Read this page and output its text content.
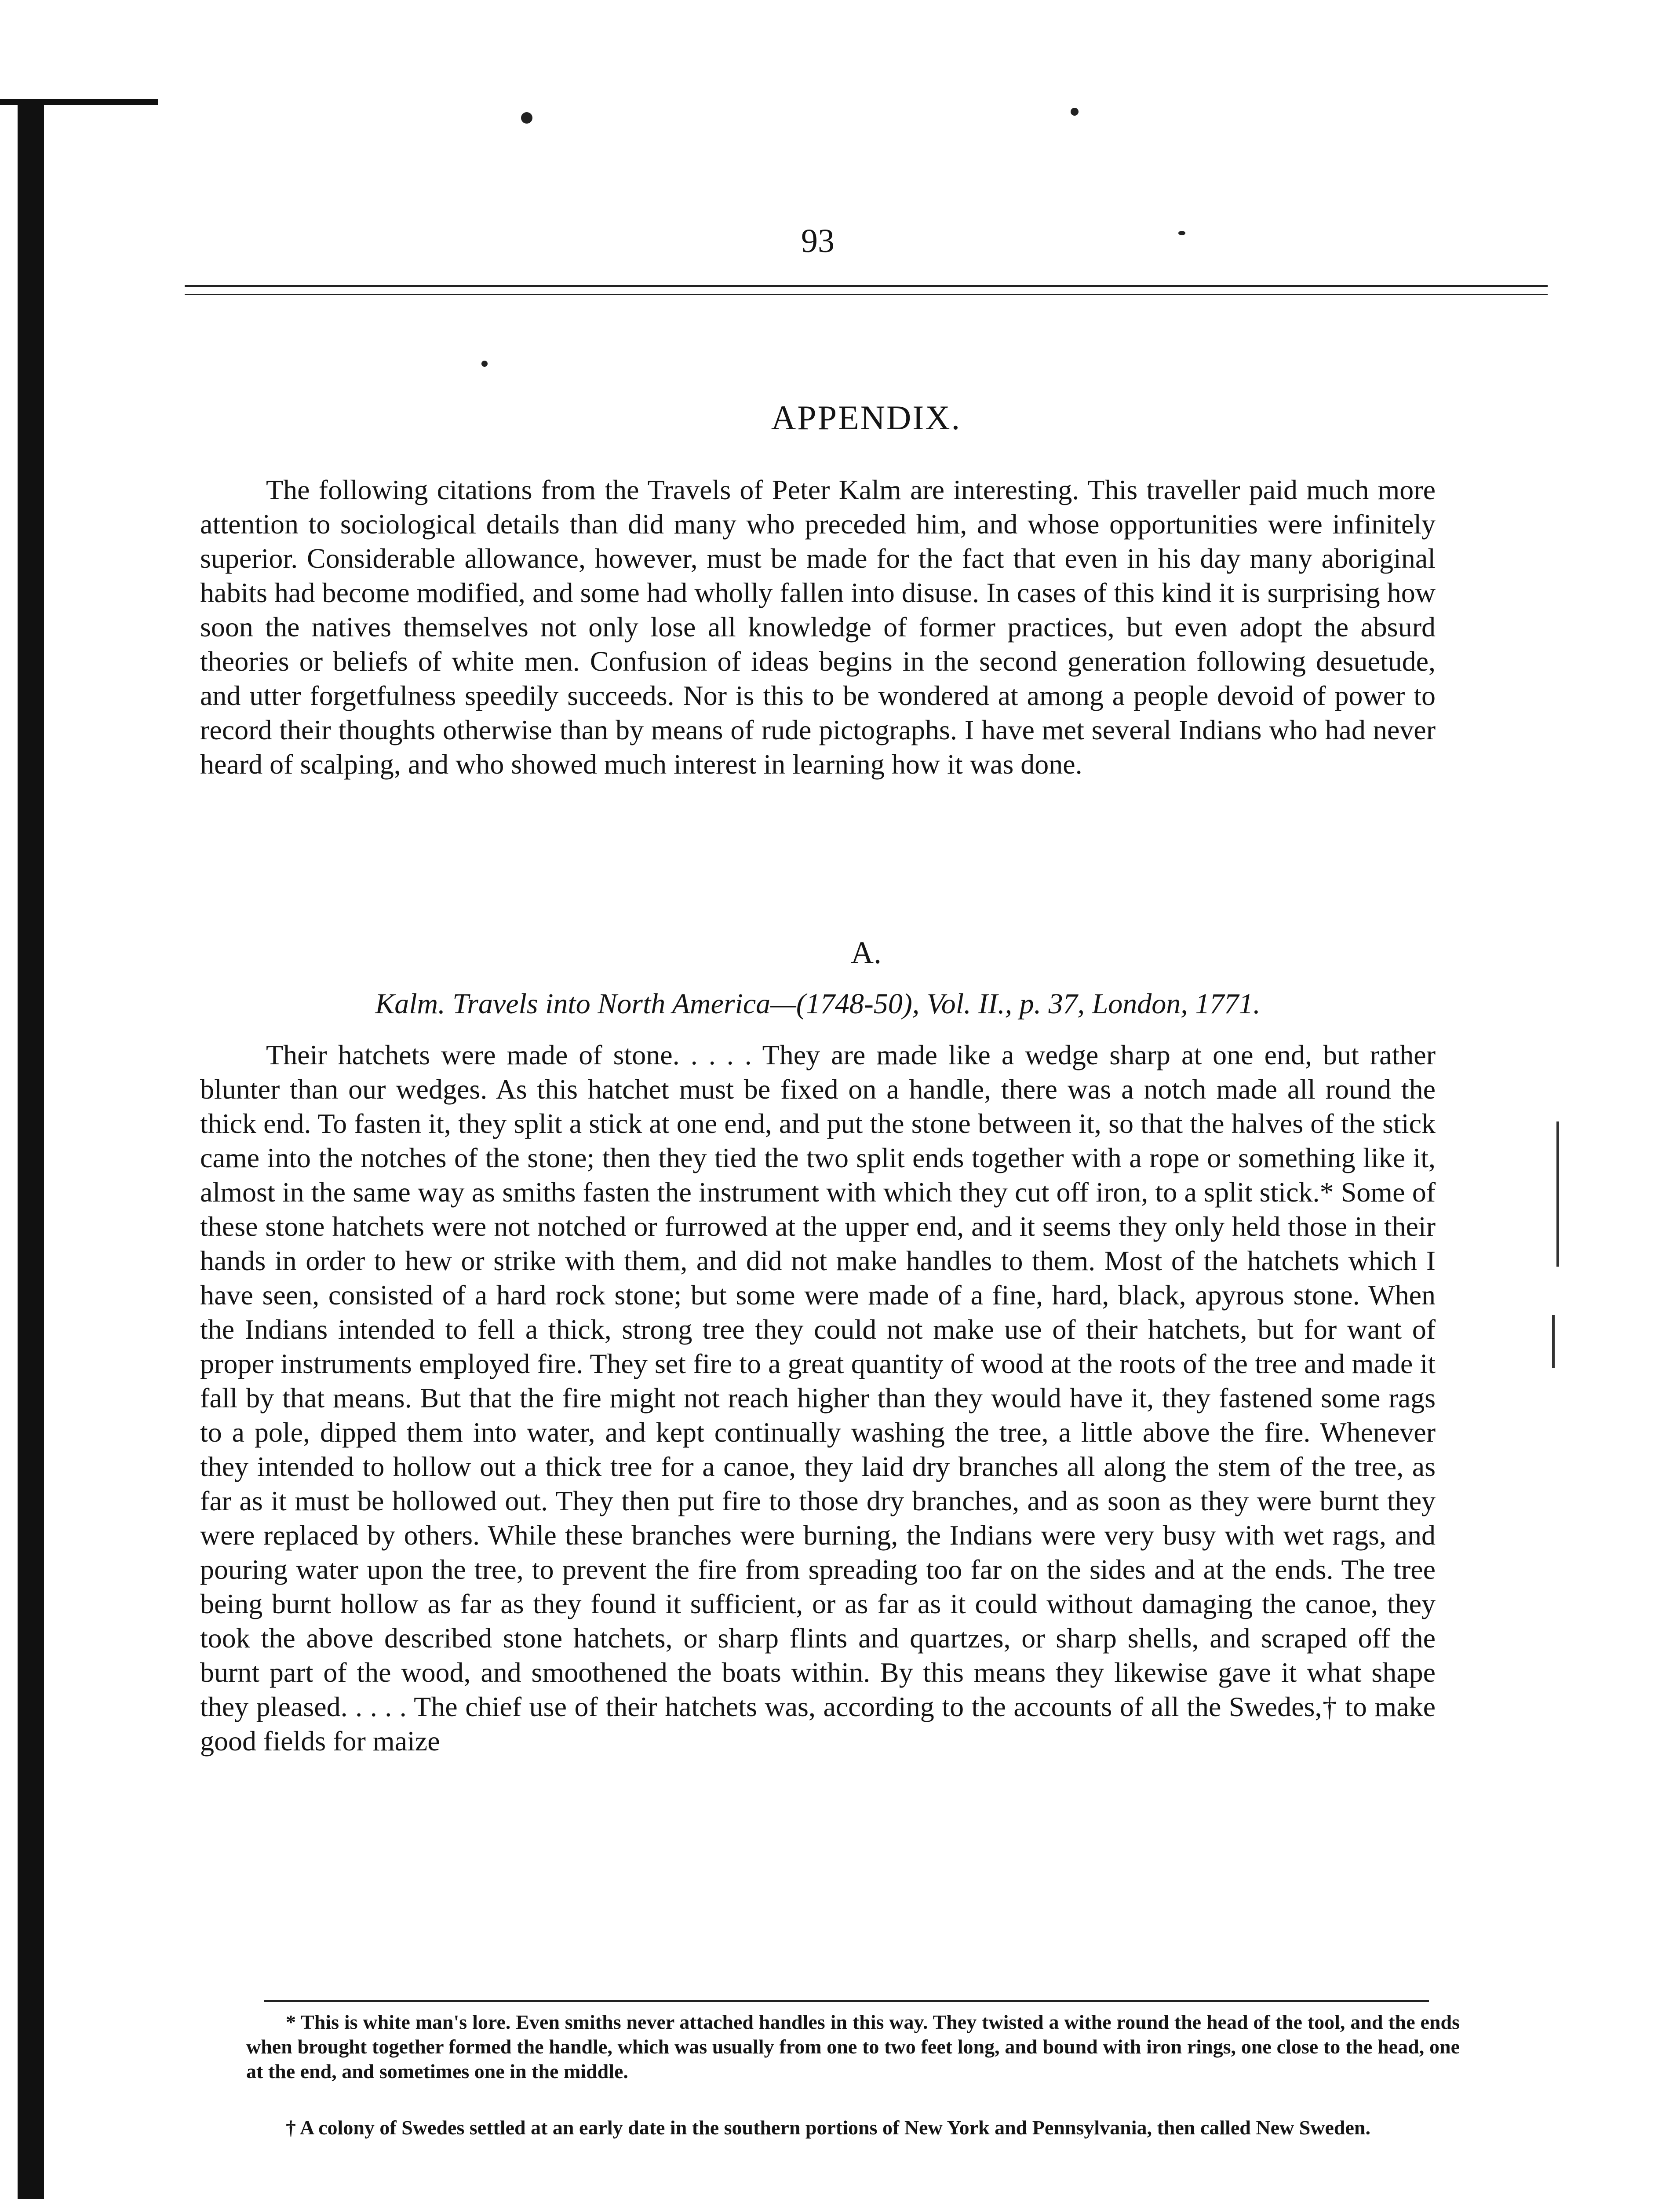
93
APPENDIX.

The following citations from the Travels of Peter Kalm are interesting. This traveller paid much more attention to sociological details than did many who preceded him, and whose opportunities were infinitely superior. Considerable allowance, however, must be made for the fact that even in his day many aboriginal habits had become modified, and some had wholly fallen into disuse. In cases of this kind it is surprising how soon the natives themselves not only lose all knowledge of former practices, but even adopt the absurd theories or beliefs of white men. Confusion of ideas begins in the second generation following desuetude, and utter forgetfulness speedily succeeds. Nor is this to be wondered at among a people devoid of power to record their thoughts otherwise than by means of rude pictographs. I have met several Indians who had never heard of scalping, and who showed much interest in learning how it was done.

A.
Kalm. Travels into North America—(1748-50), Vol. II., p. 37, London, 1771.

Their hatchets were made of stone. . . . . They are made like a wedge sharp at one end, but rather blunter than our wedges. As this hatchet must be fixed on a handle, there was a notch made all round the thick end. To fasten it, they split a stick at one end, and put the stone between it, so that the halves of the stick came into the notches of the stone; then they tied the two split ends together with a rope or something like it, almost in the same way as smiths fasten the instrument with which they cut off iron, to a split stick.* Some of these stone hatchets were not notched or furrowed at the upper end, and it seems they only held those in their hands in order to hew or strike with them, and did not make handles to them. Most of the hatchets which I have seen, consisted of a hard rock stone; but some were made of a fine, hard, black, apyrous stone. When the Indians intended to fell a thick, strong tree they could not make use of their hatchets, but for want of proper instruments employed fire. They set fire to a great quantity of wood at the roots of the tree and made it fall by that means. But that the fire might not reach higher than they would have it, they fastened some rags to a pole, dipped them into water, and kept continually washing the tree, a little above the fire. Whenever they intended to hollow out a thick tree for a canoe, they laid dry branches all along the stem of the tree, as far as it must be hollowed out. They then put fire to those dry branches, and as soon as they were burnt they were replaced by others. While these branches were burning, the Indians were very busy with wet rags, and pouring water upon the tree, to prevent the fire from spreading too far on the sides and at the ends. The tree being burnt hollow as far as they found it sufficient, or as far as it could without damaging the canoe, they took the above described stone hatchets, or sharp flints and quartzes, or sharp shells, and scraped off the burnt part of the wood, and smoothened the boats within. By this means they likewise gave it what shape they pleased. . . . . The chief use of their hatchets was, according to the accounts of all the Swedes,† to make good fields for maize

* This is white man's lore. Even smiths never attached handles in this way. They twisted a withe round the head of the tool, and the ends when brought together formed the handle, which was usually from one to two feet long, and bound with iron rings, one close to the head, one at the end, and sometimes one in the middle.

† A colony of Swedes settled at an early date in the southern portions of New York and Pennsylvania, then called New Sweden.
